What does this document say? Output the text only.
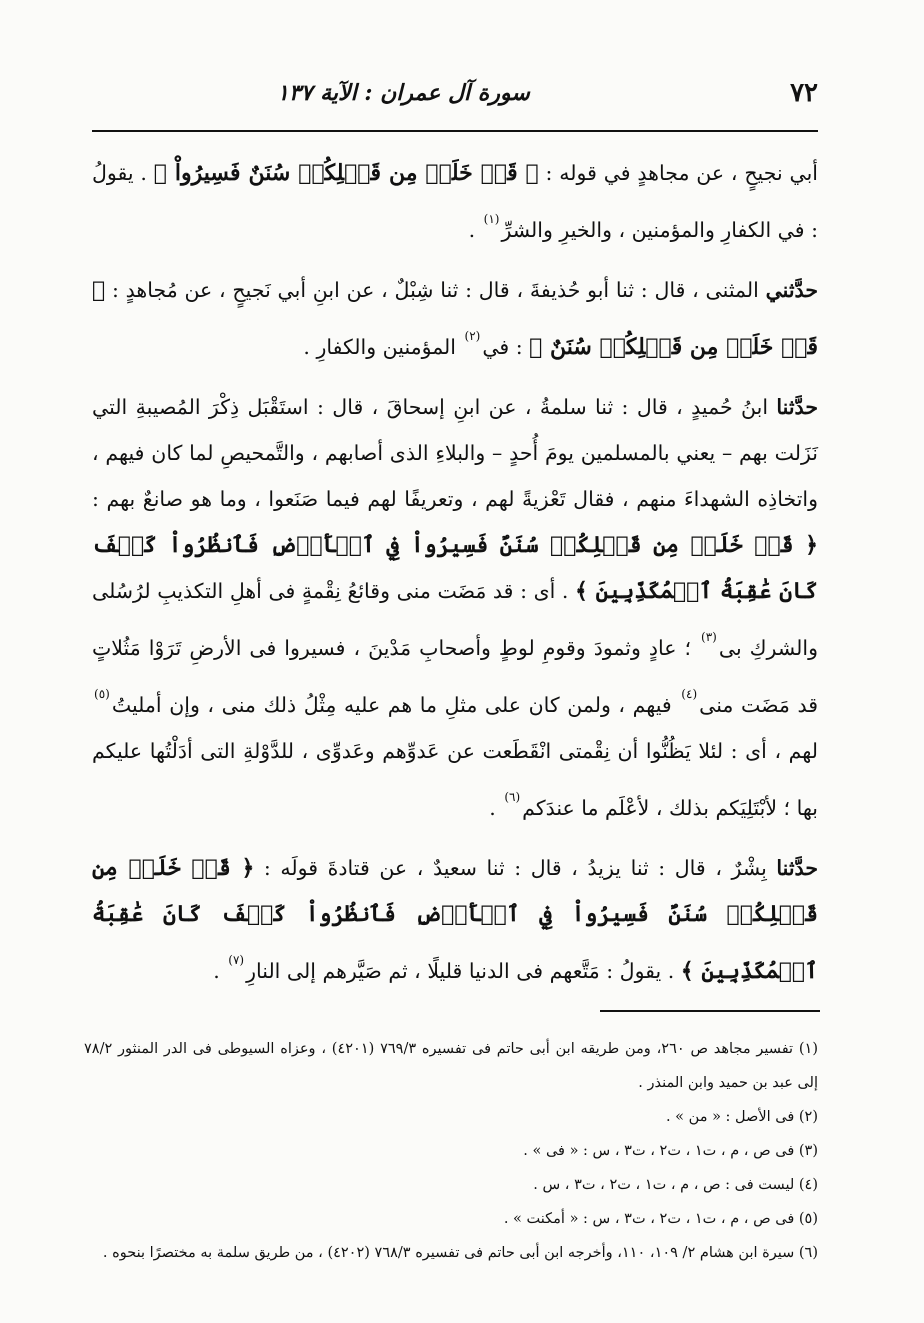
٧٢
سورة آل عمران : الآية ١٣٧

أبي نجيحٍ ، عن مجاهدٍ في قوله : ﴿ قَدۡ خَلَتۡ مِن قَبۡلِكُمۡ سُنَنٌ فَسِيرُواْ ﴾ . يقولُ : في الكفارِ والمؤمنين ، والخيرِ والشرِّ$^{(١)}$ .

حدَّثني المثنى ، قال : ثنا أبو حُذيفةَ ، قال : ثنا شِبْلٌ ، عن ابنِ أبي نَجيحٍ ، عن مُجاهدٍ : ﴿ قَدۡ خَلَتۡ مِن قَبۡلِكُمۡ سُنَنٌ ﴾ : في$^{(٢)}$ المؤمنين والكفارِ .

حدَّثنا ابنُ حُميدٍ ، قال : ثنا سلمةُ ، عن ابنِ إسحاقَ ، قال : استَقْبَل ذِكْرَ المُصيبةِ التي نَزَلت بهم – يعني بالمسلمين يومَ أُحدٍ – والبلاءِ الذى أصابهم ، والتَّمحيصِ لما كان فيهم ، واتخاذِه الشهداءَ منهم ، فقال تَعْزيةً لهم ، وتعريفًا لهم فيما صَنَعوا ، وما هو صانعٌ بهم : ﴿ قَدۡ خَلَتۡ مِن قَبۡلِكُمۡ سُنَنٌ فَسِيرُواْ فِي ٱلۡأَرۡضِ فَٱنظُرُواْ كَيۡفَ كَانَ عَٰقِبَةُ ٱلۡمُكَذِّبِينَ ﴾ . أى : قد مَضَت منى وقائعُ نِقْمةٍ فى أهلِ التكذيبِ لرُسُلى والشركِ بى$^{(٣)}$ ؛ عادٍ وثمودَ وقومِ لوطٍ وأصحابِ مَدْينَ ، فسيروا فى الأرضِ تَرَوْا مَثُلاتٍ قد مَضَت منى$^{(٤)}$ فيهم ، ولمن كان على مثلِ ما هم عليه مِثْلُ ذلك منى ، وإن أمليتُ$^{(٥)}$ لهم ، أى : لئلا يَظُنُّوا أن نِقْمتى انْقَطَعت عن عَدوِّهم وعَدوِّى ، للدَّوْلةِ التى أدَلْتُها عليكم بها ؛ لأبْتَلِيَكم بذلك ، لأعْلَم ما عندَكم$^{(٦)}$ .

حدَّثنا بِشْرٌ ، قال : ثنا يزيدُ ، قال : ثنا سعيدٌ ، عن قتادةَ قولَه : ﴿ قَدۡ خَلَتۡ مِن قَبۡلِكُمۡ سُنَنٌ فَسِيرُواْ فِي ٱلۡأَرۡضِ فَٱنظُرُواْ كَيۡفَ كَانَ عَٰقِبَةُ ٱلۡمُكَذِّبِينَ ﴾ . يقولُ : مَتَّعهم فى الدنيا قليلًا ، ثم صَيَّرهم إلى النارِ$^{(٧)}$ .

(١) تفسير مجاهد ص ٢٦٠، ومن طريقه ابن أبى حاتم فى تفسيره ٧٦٩/٣ (٤٢٠١) ، وعزاه السيوطى فى الدر المنثور ٧٨/٢ إلى عبد بن حميد وابن المنذر .

(٢) فى الأصل : « من » .

(٣) فى ص ، م ، ت١ ، ت٢ ، ت٣ ، س : « فى » .

(٤) ليست فى : ص ، م ، ت١ ، ت٢ ، ت٣ ، س .

(٥) فى ص ، م ، ت١ ، ت٢ ، ت٣ ، س : « أمكنت » .

(٦) سيرة ابن هشام ٢/ ١٠٩، ١١٠، وأخرجه ابن أبى حاتم فى تفسيره ٧٦٨/٣ (٤٢٠٢) ، من طريق سلمة به مختصرًا بنحوه .
